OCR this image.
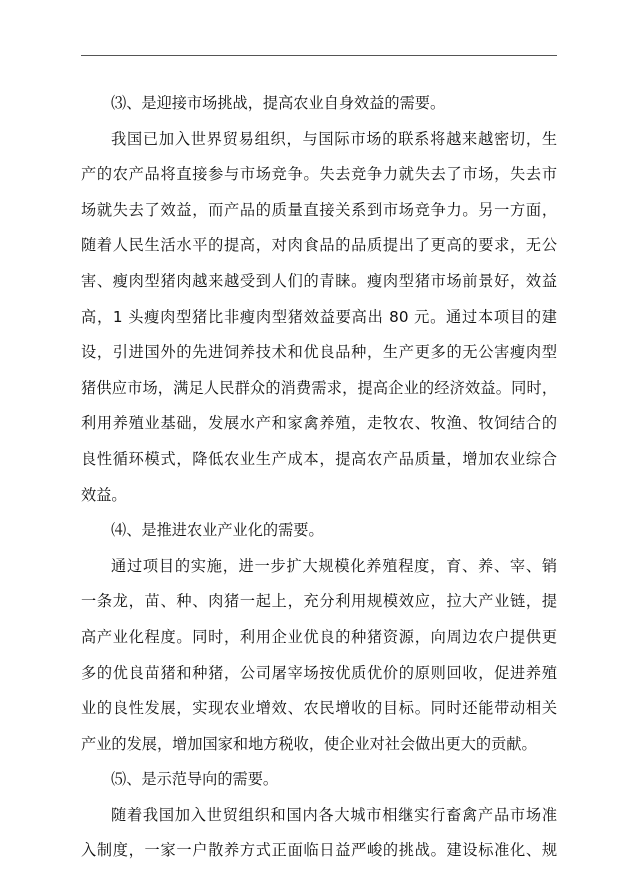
⑶、是迎接市场挑战，提高农业自身效益的需要。
我国已加入世界贸易组织，与国际市场的联系将越来越密切，生
产的农产品将直接参与市场竞争。失去竞争力就失去了市场，失去市
场就失去了效益，而产品的质量直接关系到市场竞争力。另一方面，
随着人民生活水平的提高，对肉食品的品质提出了更高的要求，无公
害、瘦肉型猪肉越来越受到人们的青睐。瘦肉型猪市场前景好，效益
高，1 头瘦肉型猪比非瘦肉型猪效益要高出 80 元。通过本项目的建
设，引进国外的先进饲养技术和优良品种，生产更多的无公害瘦肉型
猪供应市场，满足人民群众的消费需求，提高企业的经济效益。同时，
利用养殖业基础，发展水产和家禽养殖，走牧农、牧渔、牧饲结合的
良性循环模式，降低农业生产成本，提高农产品质量，增加农业综合
效益。
⑷、是推进农业产业化的需要。
通过项目的实施，进一步扩大规模化养殖程度，育、养、宰、销
一条龙，苗、种、肉猪一起上，充分利用规模效应，拉大产业链，提
高产业化程度。同时，利用企业优良的种猪资源，向周边农户提供更
多的优良苗猪和种猪，公司屠宰场按优质优价的原则回收，促进养殖
业的良性发展，实现农业增效、农民增收的目标。同时还能带动相关
产业的发展，增加国家和地方税收，使企业对社会做出更大的贡献。
⑸、是示范导向的需要。
随着我国加入世贸组织和国内各大城市相继实行畜禽产品市场准
入制度，一家一户散养方式正面临日益严峻的挑战。建设标准化、规
